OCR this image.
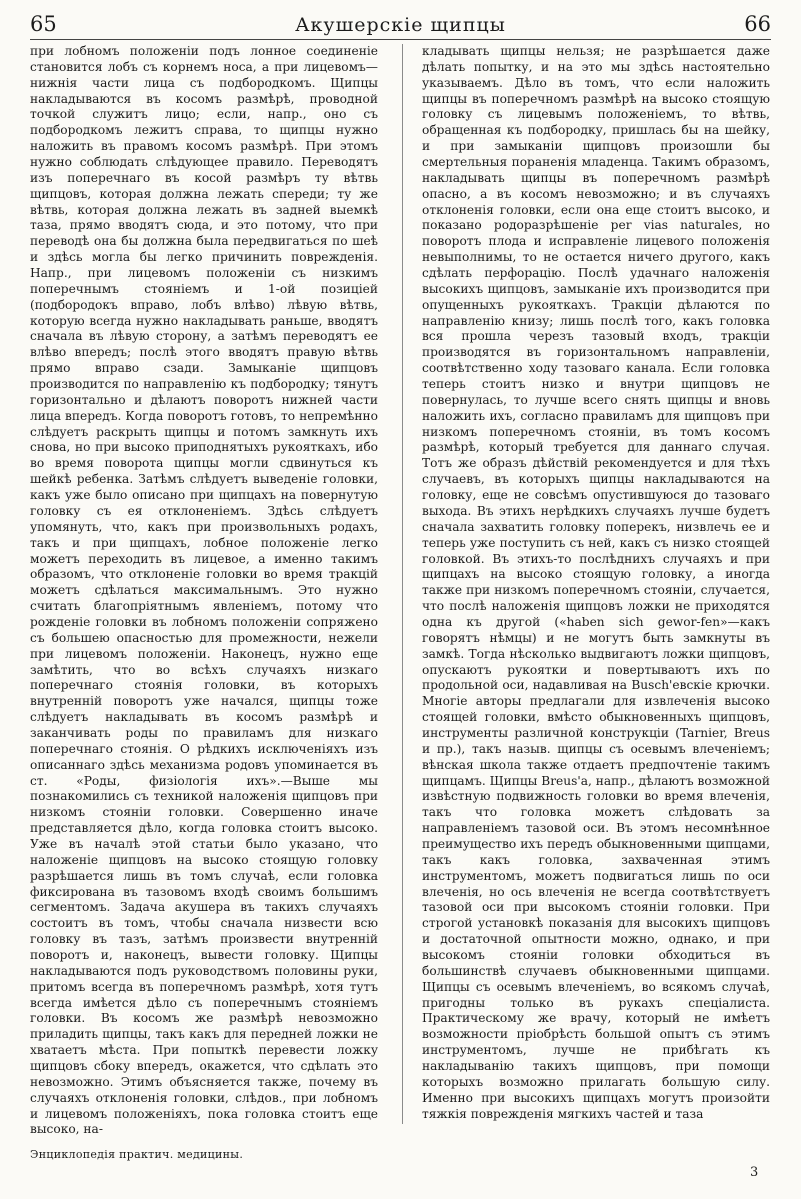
65	Акушерскiе щипцы	66
при лобномъ положенiи подъ лонное соединенiе становится лобъ съ корнемъ носа, а при лицевомъ—нижнiя части лица съ подбородкомъ. Щипцы накладываются въ косомъ размѣрѣ, проводной точкой служитъ лицо; если, напр., оно съ подбородкомъ лежитъ справа, то щипцы нужно наложить въ правомъ косомъ размѣрѣ. При этомъ нужно соблюдать слѣдующее правило. Переводятъ изъ поперечнаго въ косой размѣръ ту вѣтвь щипцовъ, которая должна лежать спереди; ту же вѣтвь, которая должна лежать въ задней выемкѣ таза, прямо вводятъ сюда, и это потому, что при переводѣ она бы должна была передвигаться по шеѣ и здѣсь могла бы легко причинить поврежденiя. Напр., при лицевомъ положенiи съ низкимъ поперечнымъ стоянiемъ и 1-ой позицiей (подбородокъ вправо, лобъ влѣво) лѣвую вѣтвь, которую всегда нужно накладывать раньше, вводятъ сначала въ лѣвую сторону, а затѣмъ переводятъ ее влѣво впередъ; послѣ этого вводятъ правую вѣтвь прямо вправо сзади. Замыканiе щипцовъ производится по направленiю къ подбородку; тянутъ горизонтально и дѣлаютъ поворотъ нижней части лица впередъ. Когда поворотъ готовъ, то непремѣнно слѣдуетъ раскрыть щипцы и потомъ замкнуть ихъ снова, но при высоко приподнятыхъ рукояткахъ, ибо во время поворота щипцы могли сдвинуться къ шейкѣ ребенка. Затѣмъ слѣдуетъ выведенiе головки, какъ уже было описано при щипцахъ на повернутую головку съ ея отклоненiемъ. Здѣсь слѣдуетъ упомянуть, что, какъ при произвольныхъ родахъ, такъ и при щипцахъ, лобное положенiе легко можетъ переходить въ лицевое, а именно такимъ образомъ, что отклоненiе головки во время тракцiй можетъ сдѣлаться максимальнымъ. Это нужно считать благопрiятнымъ явленiемъ, потому что рожденiе головки въ лобномъ положенiи сопряжено съ большею опасностью для промежности, нежели при лицевомъ положенiи. Наконецъ, нужно еще замѣтить, что во всѣхъ случаяхъ низкаго поперечнаго стоянiя головки, въ которыхъ внутреннiй поворотъ уже начался, щипцы тоже слѣдуетъ накладывать въ косомъ размѣрѣ и заканчивать роды по правиламъ для низкаго поперечнаго стоянiя. О рѣдкихъ исключенiяхъ изъ описаннаго здѣсь механизма родовъ упоминается въ ст. «Роды, физiологiя ихъ».—Выше мы познакомились съ техникой наложенiя щипцовъ при низкомъ стоянiи головки. Совершенно иначе представляется дѣло, когда головка стоитъ высоко. Уже въ началѣ этой статьи было указано, что наложенiе щипцовъ на высоко стоящую головку разрѣшается лишь въ томъ случаѣ, если головка фиксирована въ тазовомъ входѣ своимъ большимъ сегментомъ. Задача акушера въ такихъ случаяхъ состоитъ въ томъ, чтобы сначала низвести всю головку въ тазъ, затѣмъ произвести внутреннiй поворотъ и, наконецъ, вывести головку. Щипцы накладываются подъ руководствомъ половины руки, притомъ всегда въ поперечномъ размѣрѣ, хотя тутъ всегда имѣется дѣло съ поперечнымъ стоянiемъ головки. Въ косомъ же размѣрѣ невозможно приладить щипцы, такъ какъ для передней ложки не хватаетъ мѣста. При попыткѣ перевести ложку щипцовъ сбоку впередъ, окажется, что сдѣлать это невозможно. Этимъ объясняется также, почему въ случаяхъ отклоненiя головки, слѣдов., при лобномъ и лицевомъ положенiяхъ, пока головка стоитъ еще высоко, на-
кладывать щипцы нельзя; не разрѣшается даже дѣлать попытку, и на это мы здѣсь настоятельно указываемъ. Дѣло въ томъ, что если наложить щипцы въ поперечномъ размѣрѣ на высоко стоящую головку съ лицевымъ положенiемъ, то вѣтвь, обращенная къ подбородку, пришлась бы на шейку, и при замыканiи щипцовъ произошли бы смертельныя пораненiя младенца. Такимъ образомъ, накладывать щипцы въ поперечномъ размѣрѣ опасно, а въ косомъ невозможно; и въ случаяхъ отклоненiя головки, если она еще стоитъ высоко, и показано родоразрѣшенiе per vias naturales, но поворотъ плода и исправленiе лицевого положенiя невыполнимы, то не остается ничего другого, какъ сдѣлать перфорацiю. Послѣ удачнаго наложенiя высокихъ щипцовъ, замыканiе ихъ производится при опущенныхъ рукояткахъ. Тракцiи дѣлаются по направленiю книзу; лишь послѣ того, какъ головка вся прошла черезъ тазовый входъ, тракцiи производятся въ горизонтальномъ направленiи, соотвѣтственно ходу тазоваго канала. Если головка теперь стоитъ низко и внутри щипцовъ не повернулась, то лучше всего снять щипцы и вновь наложить ихъ, согласно правиламъ для щипцовъ при низкомъ поперечномъ стоянiи, въ томъ косомъ размѣрѣ, который требуется для даннаго случая. Тотъ же образъ дѣйствiй рекомендуется и для тѣхъ случаевъ, въ которыхъ щипцы накладываются на головку, еще не совсѣмъ опустившуюся до тазоваго выхода. Въ этихъ нерѣдкихъ случаяхъ лучше будетъ сначала захватить головку поперекъ, низвлечь ее и теперь уже поступить съ ней, какъ съ низко стоящей головкой. Въ этихъ-то послѣднихъ случаяхъ и при щипцахъ на высоко стоящую головку, а иногда также при низкомъ поперечномъ стоянiи, случается, что послѣ наложенiя щипцовъ ложки не приходятся одна къ другой («haben sich gewor-fen»—какъ говорятъ нѣмцы) и не могутъ быть замкнуты въ замкѣ. Тогда нѣсколько выдвигаютъ ложки щипцовъ, опускаютъ рукоятки и повертываютъ ихъ по продольной оси, надавливая на Busch'евскiе крючки. Многiе авторы предлагали для извлеченiя высоко стоящей головки, вмѣсто обыкновенныхъ щипцовъ, инструменты различной конструкцiи (Tarnier, Breus и пр.), такъ назыв. щипцы съ осевымъ влеченiемъ; вѣнская школа также отдаетъ предпочтенiе такимъ щипцамъ. Щипцы Breus'а, напр., дѣлаютъ возможной извѣстную подвижность головки во время влеченiя, такъ что головка можетъ слѣдовать за направленiемъ тазовой оси. Въ этомъ несомнѣнное преимущество ихъ передъ обыкновенными щипцами, такъ какъ головка, захваченная этимъ инструментомъ, можетъ подвигаться лишь по оси влеченiя, но ось влеченiя не всегда соотвѣтствуетъ тазовой оси при высокомъ стоянiи головки. При строгой установкѣ показанiя для высокихъ щипцовъ и достаточной опытности можно, однако, и при высокомъ стоянiи головки обходиться въ большинствѣ случаевъ обыкновенными щипцами. Щипцы съ осевымъ влеченiемъ, во всякомъ случаѣ, пригодны только въ рукахъ спецiалиста. Практическому же врачу, который не имѣетъ возможности прiобрѣсть большой опытъ съ этимъ инструментомъ, лучше не прибѣгать къ накладыванiю такихъ щипцовъ, при помощи которыхъ возможно прилагать большую силу. Именно при высокихъ щипцахъ могутъ произойти тяжкiя поврежденiя мягкихъ частей и таза
Энциклопедiя практич. медицины.
3
